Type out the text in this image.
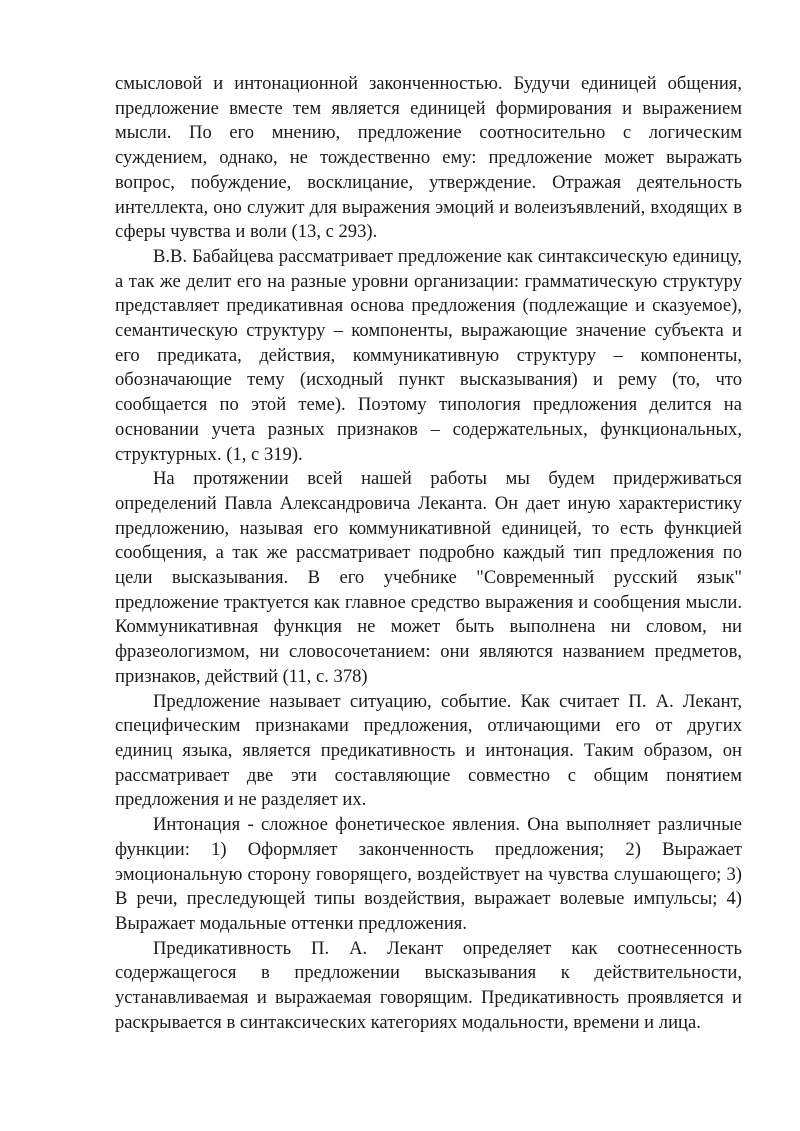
смысловой и интонационной законченностью. Будучи единицей общения, предложение вместе тем является единицей формирования и выражением мысли. По его мнению, предложение соотносительно с логическим суждением, однако, не тождественно ему: предложение может выражать вопрос, побуждение, восклицание, утверждение. Отражая деятельность интеллекта, оно служит для выражения эмоций и волеизъявлений, входящих в сферы чувства и воли (13, с 293).

В.В. Бабайцева рассматривает предложение как синтаксическую единицу, а так же делит его на разные уровни организации: грамматическую структуру представляет предикативная основа предложения (подлежащие и сказуемое), семантическую структуру – компоненты, выражающие значение субъекта и его предиката, действия, коммуникативную структуру – компоненты, обозначающие тему (исходный пункт высказывания) и рему (то, что сообщается по этой теме). Поэтому типология предложения делится на основании учета разных признаков – содержательных, функциональных, структурных. (1, с 319).

На протяжении всей нашей работы мы будем придерживаться определений Павла Александровича Леканта. Он дает иную характеристику предложению, называя его коммуникативной единицей, то есть функцией сообщения, а так же рассматривает подробно каждый тип предложения по цели высказывания. В его учебнике "Современный русский язык" предложение трактуется как главное средство выражения и сообщения мысли. Коммуникативная функция не может быть выполнена ни словом, ни фразеологизмом, ни словосочетанием: они являются названием предметов, признаков, действий (11, с. 378)

Предложение называет ситуацию, событие. Как считает П. А. Лекант, специфическим признаками предложения, отличающими его от других единиц языка, является предикативность и интонация. Таким образом, он рассматривает две эти составляющие совместно с общим понятием предложения и не разделяет их.

Интонация - сложное фонетическое явления. Она выполняет различные функции: 1) Оформляет законченность предложения; 2) Выражает эмоциональную сторону говорящего, воздействует на чувства слушающего; 3) В речи, преследующей типы воздействия, выражает волевые импульсы; 4) Выражает модальные оттенки предложения.

Предикативность П. А. Лекант определяет как соотнесенность содержащегося в предложении высказывания к действительности, устанавливаемая и выражаемая говорящим. Предикативность проявляется и раскрывается в синтаксических категориях модальности, времени и лица.
